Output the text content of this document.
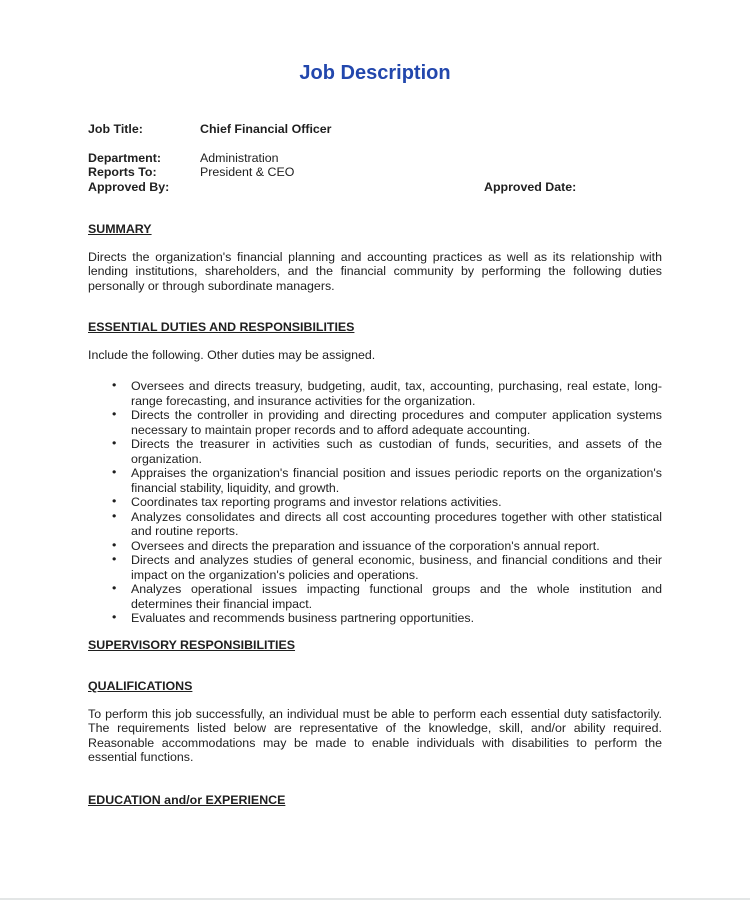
Job Description
Job Title:	Chief Financial Officer
Department:	Administration
Reports To:	President & CEO
Approved By:	Approved Date:
SUMMARY

Directs the organization's financial planning and accounting practices as well as its relationship with lending institutions, shareholders, and the financial community by performing the following duties personally or through subordinate managers.

ESSENTIAL DUTIES AND RESPONSIBILITIES

Include the following. Other duties may be assigned.

• Oversees and directs treasury, budgeting, audit, tax, accounting, purchasing, real estate, long-range forecasting, and insurance activities for the organization.
• Directs the controller in providing and directing procedures and computer application systems necessary to maintain proper records and to afford adequate accounting.
• Directs the treasurer in activities such as custodian of funds, securities, and assets of the organization.
• Appraises the organization's financial position and issues periodic reports on the organization's financial stability, liquidity, and growth.
• Coordinates tax reporting programs and investor relations activities.
• Analyzes consolidates and directs all cost accounting procedures together with other statistical and routine reports.
• Oversees and directs the preparation and issuance of the corporation's annual report.
• Directs and analyzes studies of general economic, business, and financial conditions and their impact on the organization's policies and operations.
• Analyzes operational issues impacting functional groups and the whole institution and determines their financial impact.
• Evaluates and recommends business partnering opportunities.
SUPERVISORY RESPONSIBILITIES
QUALIFICATIONS

To perform this job successfully, an individual must be able to perform each essential duty satisfactorily. The requirements listed below are representative of the knowledge, skill, and/or ability required. Reasonable accommodations may be made to enable individuals with disabilities to perform the essential functions.

EDUCATION and/or EXPERIENCE
